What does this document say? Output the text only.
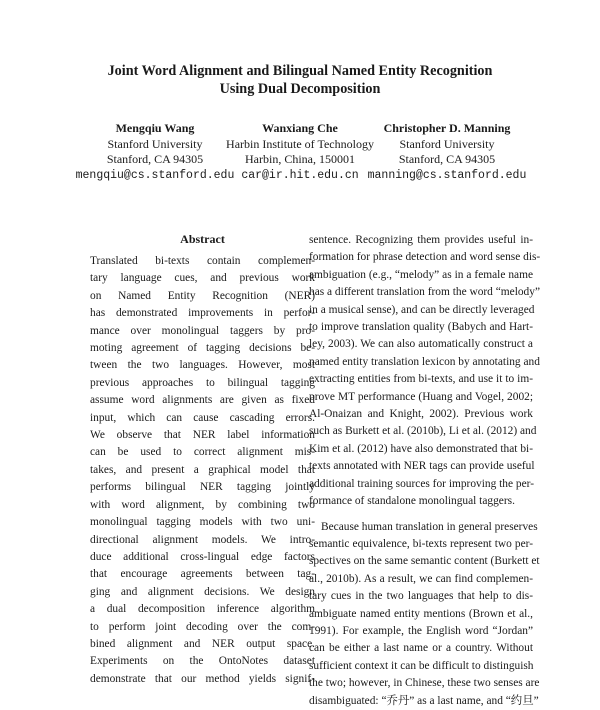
Joint Word Alignment and Bilingual Named Entity Recognition
Using Dual Decomposition
Mengqiu Wang
Stanford University
Stanford, CA 94305
mengqiu@cs.stanford.edu
Wanxiang Che
Harbin Institute of Technology
Harbin, China, 150001
car@ir.hit.edu.cn
Christopher D. Manning
Stanford University
Stanford, CA 94305
manning@cs.stanford.edu
Abstract
Translated bi-texts contain complemen-
tary language cues, and previous work
on Named Entity Recognition (NER)
has demonstrated improvements in perfor-
mance over monolingual taggers by pro-
moting agreement of tagging decisions be-
tween the two languages. However, most
previous approaches to bilingual tagging
assume word alignments are given as fixed
input, which can cause cascading errors.
We observe that NER label information
can be used to correct alignment mis-
takes, and present a graphical model that
performs bilingual NER tagging jointly
with word alignment, by combining two
monolingual tagging models with two uni-
directional alignment models. We intro-
duce additional cross-lingual edge factors
that encourage agreements between tag-
ging and alignment decisions. We design
a dual decomposition inference algorithm
to perform joint decoding over the com-
bined alignment and NER output space.
Experiments on the OntoNotes dataset
demonstrate that our method yields signif-
sentence. Recognizing them provides useful in-
formation for phrase detection and word sense dis-
ambiguation (e.g., “melody” as in a female name
has a different translation from the word “melody”
in a musical sense), and can be directly leveraged
to improve translation quality (Babych and Hart-
ley, 2003). We can also automatically construct a
named entity translation lexicon by annotating and
extracting entities from bi-texts, and use it to im-
prove MT performance (Huang and Vogel, 2002;
Al-Onaizan and Knight, 2002). Previous work
such as Burkett et al. (2010b), Li et al. (2012) and
Kim et al. (2012) have also demonstrated that bi-
texts annotated with NER tags can provide useful
additional training sources for improving the per-
formance of standalone monolingual taggers.
Because human translation in general preserves
semantic equivalence, bi-texts represent two per-
spectives on the same semantic content (Burkett et
al., 2010b). As a result, we can find complemen-
tary cues in the two languages that help to dis-
ambiguate named entity mentions (Brown et al.,
1991). For example, the English word “Jordan”
can be either a last name or a country. Without
sufficient context it can be difficult to distinguish
the two; however, in Chinese, these two senses are
disambiguated: “乔丹” as a last name, and “约旦”
